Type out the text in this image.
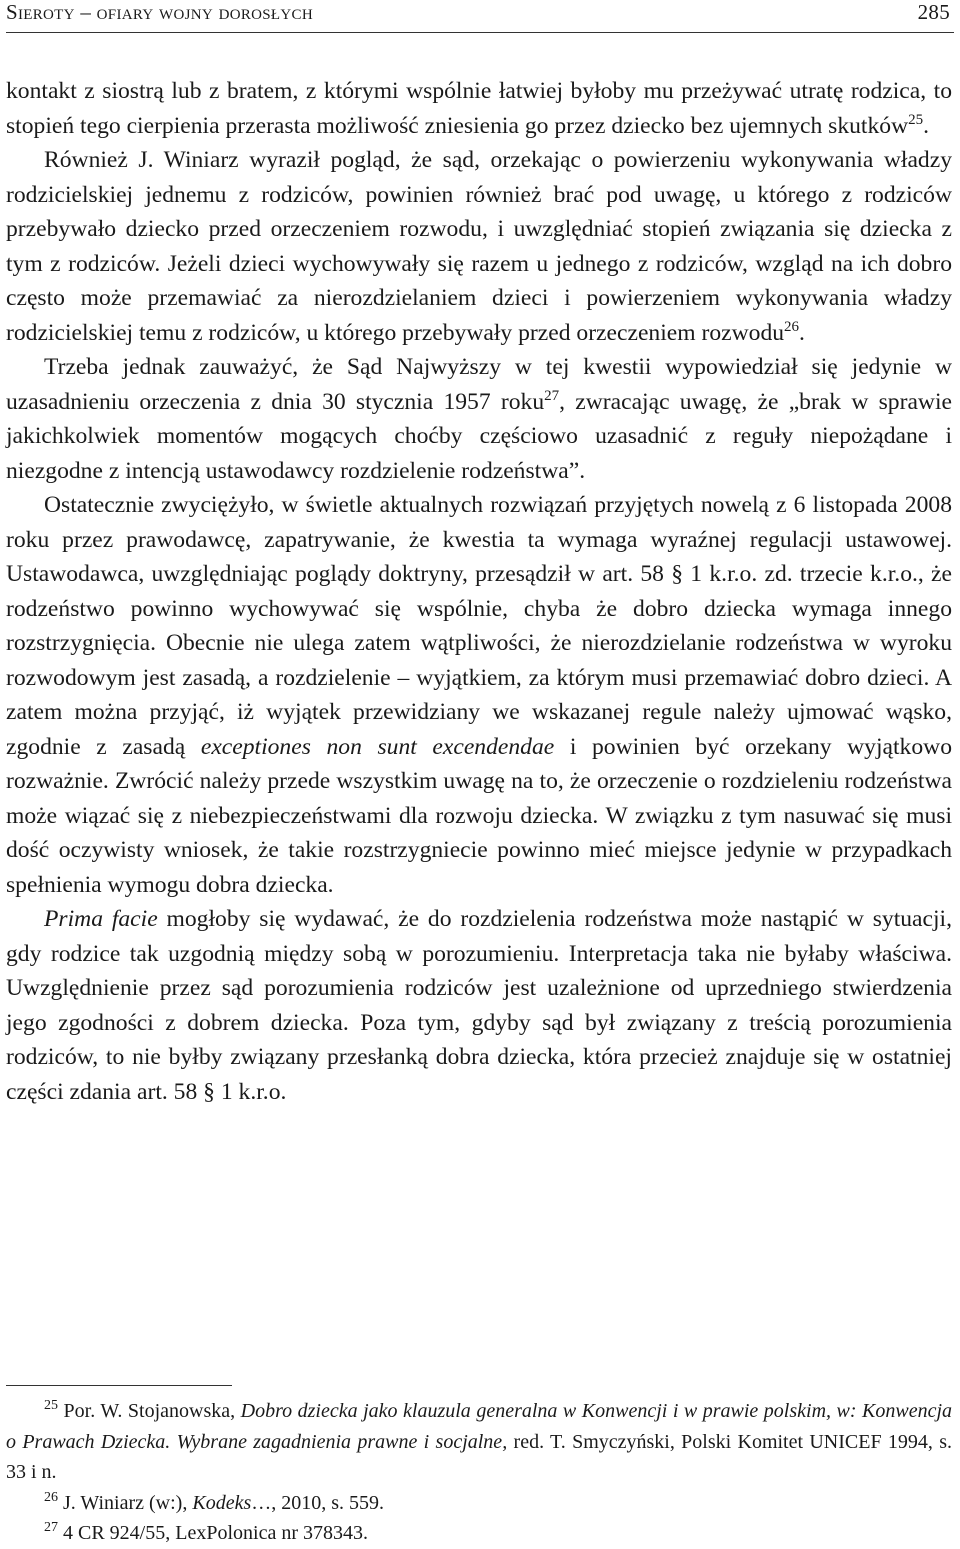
Sieroty – ofiary wojny dorosłych	285

kontakt z siostrą lub z bratem, z którymi wspólnie łatwiej byłoby mu przeżywać utratę rodzica, to stopień tego cierpienia przerasta możliwość zniesienia go przez dziecko bez ujemnych skutków$^{25}$.

Również J. Winiarz wyraził pogląd, że sąd, orzekając o powierzeniu wykonywania władzy rodzicielskiej jednemu z rodziców, powinien również brać pod uwagę, u którego z rodziców przebywało dziecko przed orzeczeniem rozwodu, i uwzględniać stopień związania się dziecka z tym z rodziców. Jeżeli dzieci wychowywały się razem u jednego z rodziców, wzgląd na ich dobro często może przemawiać za nierozdzielaniem dzieci i powierzeniem wykonywania władzy rodzicielskiej temu z rodziców, u którego przebywały przed orzeczeniem rozwodu$^{26}$.

Trzeba jednak zauważyć, że Sąd Najwyższy w tej kwestii wypowiedział się jedynie w uzasadnieniu orzeczenia z dnia 30 stycznia 1957 roku$^{27}$, zwracając uwagę, że „brak w sprawie jakichkolwiek momentów mogących choćby częściowo uzasadnić z reguły niepożądane i niezgodne z intencją ustawodawcy rozdzielenie rodzeństwa”.

Ostatecznie zwyciężyło, w świetle aktualnych rozwiązań przyjętych nowelą z 6 listopada 2008 roku przez prawodawcę, zapatrywanie, że kwestia ta wymaga wyraźnej regulacji ustawowej. Ustawodawca, uwzględniając poglądy doktryny, przesądził w art. 58 § 1 k.r.o. zd. trzecie k.r.o., że rodzeństwo powinno wychowywać się wspólnie, chyba że dobro dziecka wymaga innego rozstrzygnięcia. Obecnie nie ulega zatem wątpliwości, że nierozdzielanie rodzeństwa w wyroku rozwodowym jest zasadą, a rozdzielenie – wyjątkiem, za którym musi przemawiać dobro dzieci. A zatem można przyjąć, iż wyjątek przewidziany we wskazanej regule należy ujmować wąsko, zgodnie z zasadą exceptiones non sunt excendendae i powinien być orzekany wyjątkowo rozważnie. Zwrócić należy przede wszystkim uwagę na to, że orzeczenie o rozdzieleniu rodzeństwa może wiązać się z niebezpieczeństwami dla rozwoju dziecka. W związku z tym nasuwać się musi dość oczywisty wniosek, że takie rozstrzygniecie powinno mieć miejsce jedynie w przypadkach spełnienia wymogu dobra dziecka.

Prima facie mogłoby się wydawać, że do rozdzielenia rodzeństwa może nastąpić w sytuacji, gdy rodzice tak uzgodnią między sobą w porozumieniu. Interpretacja taka nie byłaby właściwa. Uwzględnienie przez sąd porozumienia rodziców jest uzależnione od uprzedniego stwierdzenia jego zgodności z dobrem dziecka. Poza tym, gdyby sąd był związany z treścią porozumienia rodziców, to nie byłby związany przesłanką dobra dziecka, która przecież znajduje się w ostatniej części zdania art. 58 § 1 k.r.o.

$^{25}$ Por. W. Stojanowska, Dobro dziecka jako klauzula generalna w Konwencji i w prawie polskim, w: Konwencja o Prawach Dziecka. Wybrane zagadnienia prawne i socjalne, red. T. Smyczyński, Polski Komitet UNICEF 1994, s. 33 i n.

$^{26}$ J. Winiarz (w:), Kodeks…, 2010, s. 559.

$^{27}$ 4 CR 924/55, LexPolonica nr 378343.
